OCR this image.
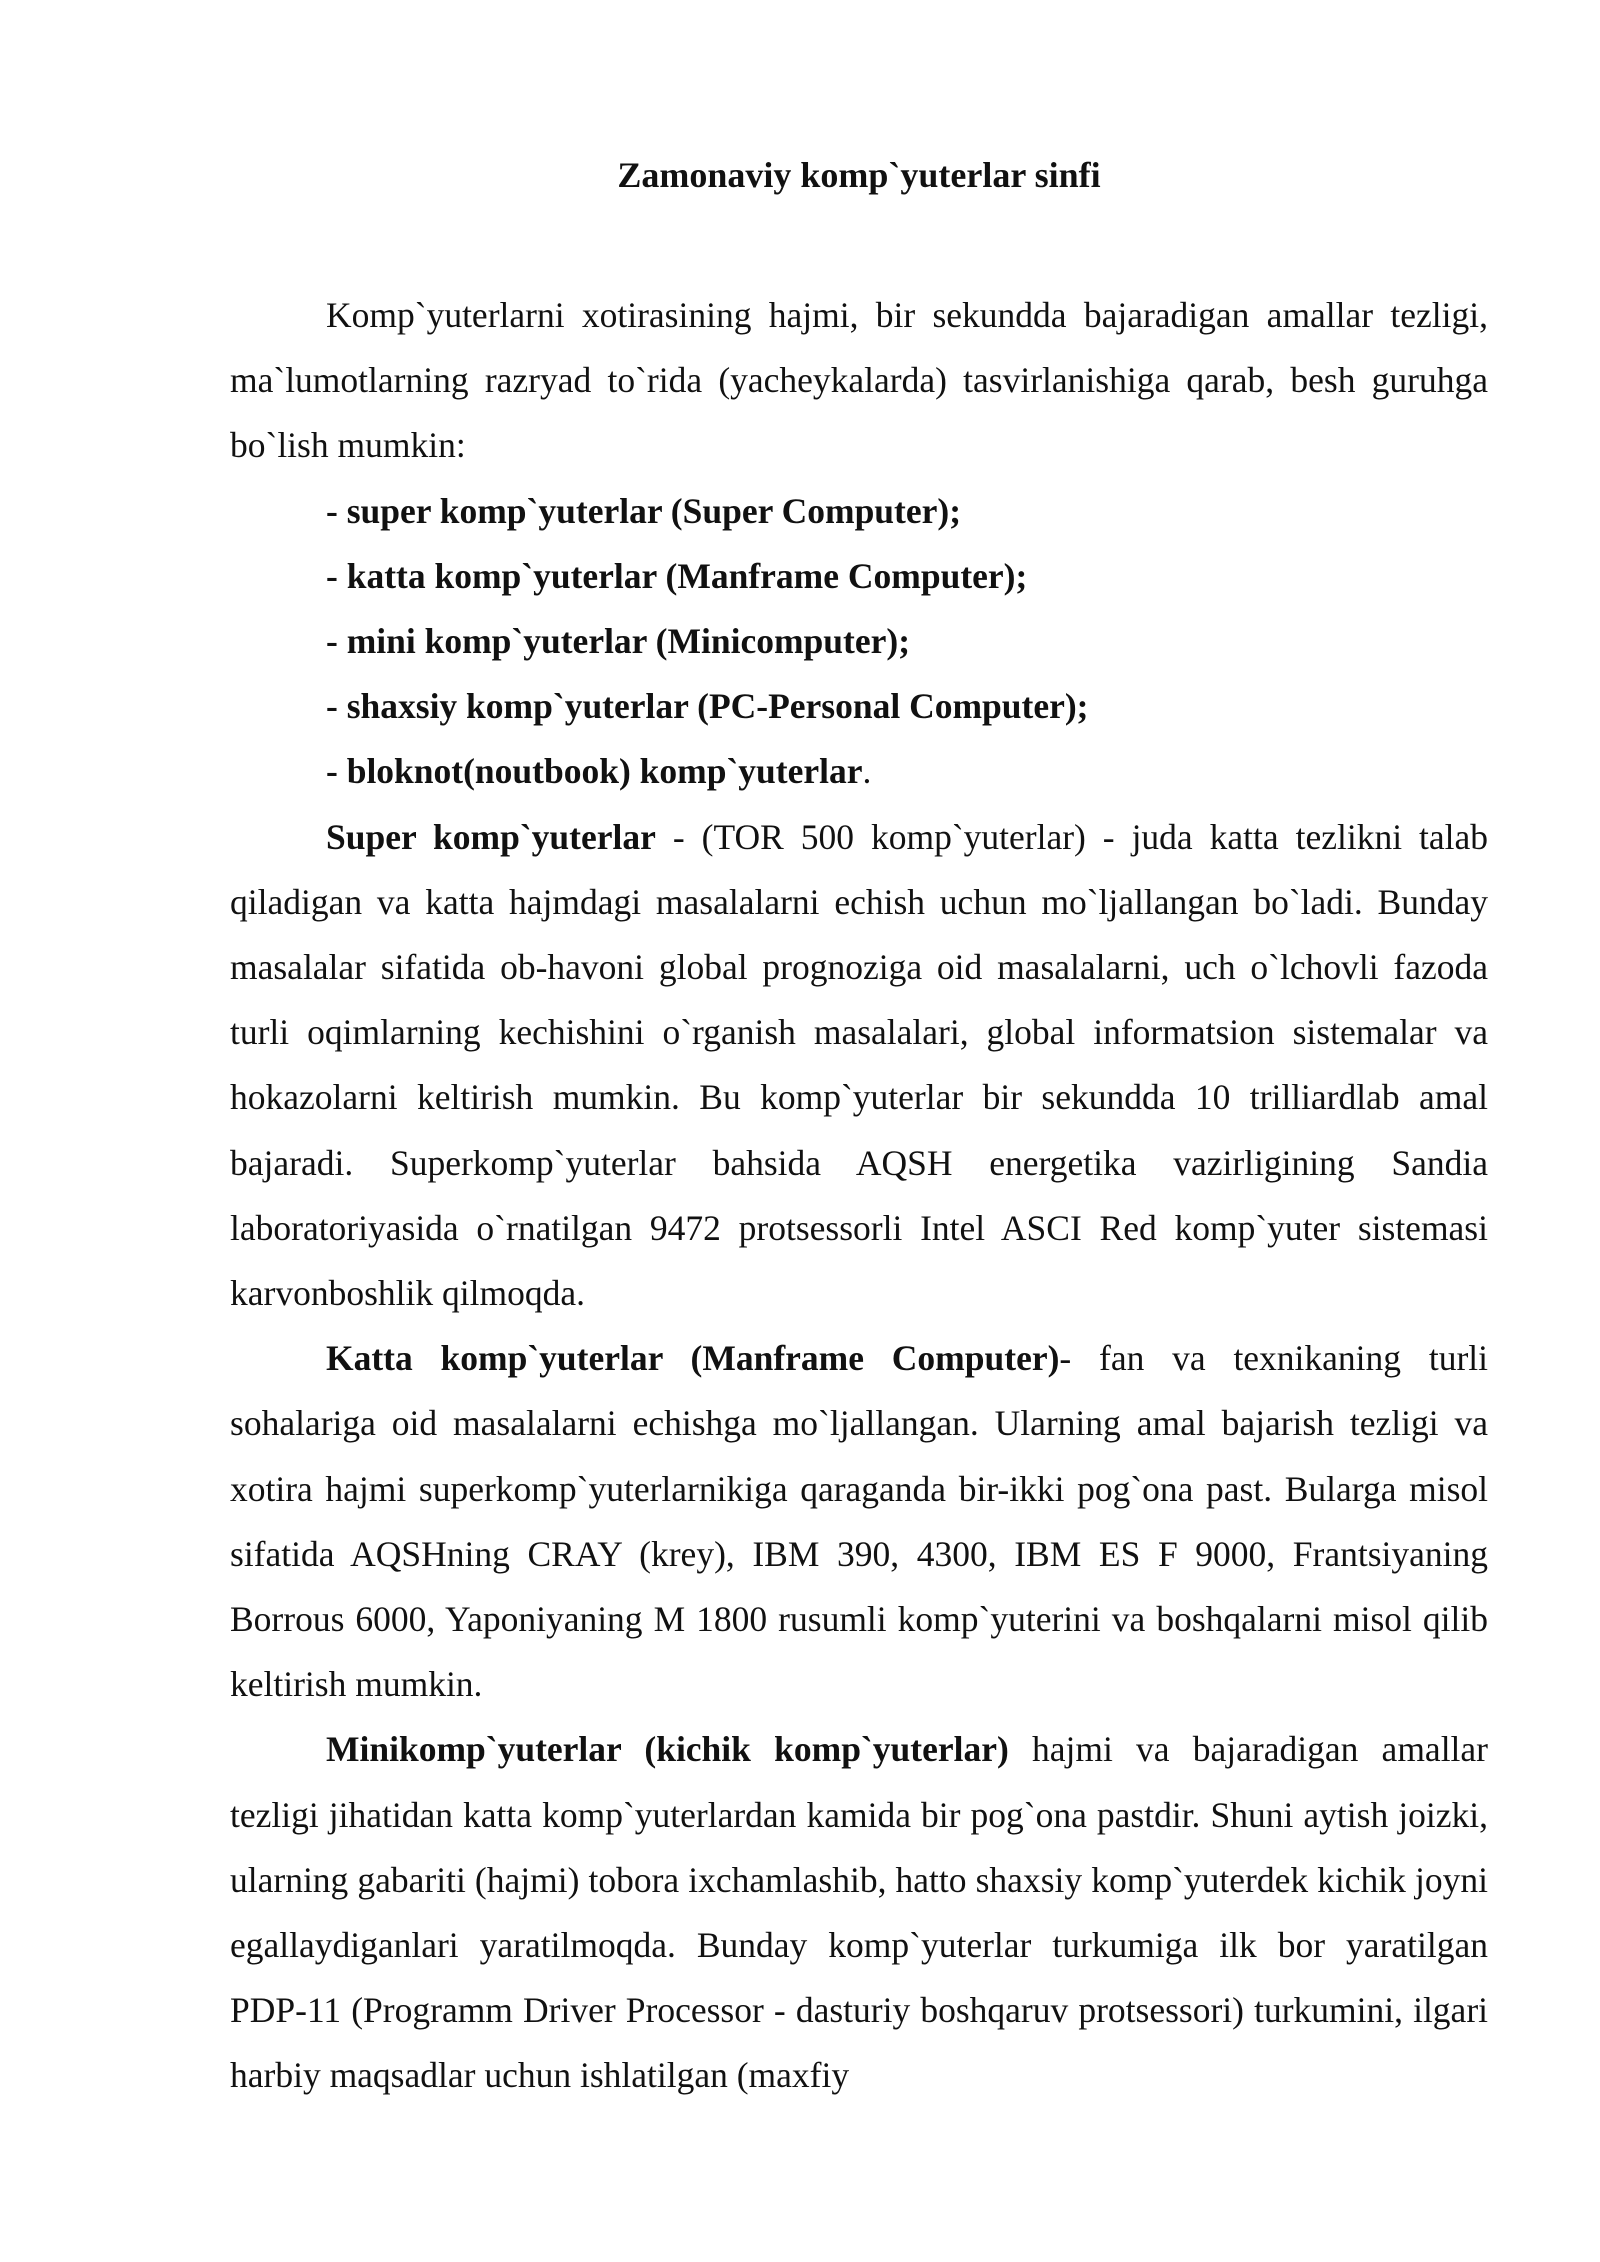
Zamonaviy komp`yuterlar sinfi

Komp`yuterlarni xotirasining hajmi, bir sekundda bajaradigan amallar tezligi, ma`lumotlarning razryad to`rida (yacheykalarda) tasvirlanishiga qarab, besh guruhga bo`lish mumkin:

- super komp`yuterlar (Super Computer);

- katta komp`yuterlar (Manframe Computer);

- mini komp`yuterlar (Minicomputer);

- shaxsiy komp`yuterlar (PC-Personal Computer);

- bloknot(noutbook) komp`yuterlar.

Super komp`yuterlar - (TOR 500 komp`yuterlar) - juda katta tezlikni talab qiladigan va katta hajmdagi masalalarni echish uchun mo`ljallangan bo`ladi. Bunday masalalar sifatida ob-havoni global prognoziga oid masalalarni, uch o`lchovli fazoda turli oqimlarning kechishini o`rganish masalalari, global informatsion sistemalar va hokazolarni keltirish mumkin. Bu komp`yuterlar bir sekundda 10 trilliardlab amal bajaradi. Superkomp`yuterlar bahsida AQSH energetika vazirligining Sandia laboratoriyasida o`rnatilgan 9472 protsessorli Intel ASCI Red komp`yuter sistemasi karvonboshlik qilmoqda.

Katta komp`yuterlar (Manframe Computer)- fan va texnikaning turli sohalariga oid masalalarni echishga mo`ljallangan. Ularning amal bajarish tezligi va xotira hajmi superkomp`yuterlarnikiga qaraganda bir-ikki pog`ona past. Bularga misol sifatida AQSHning CRAY (krey), IBM 390, 4300, IBM ES F 9000, Frantsiyaning Borrous 6000, Yaponiyaning M 1800 rusumli komp`yuterini va boshqalarni misol qilib keltirish mumkin.

Minikomp`yuterlar (kichik komp`yuterlar) hajmi va bajaradigan amallar tezligi jihatidan katta komp`yuterlardan kamida bir pog`ona pastdir. Shuni aytish joizki, ularning gabariti (hajmi) tobora ixchamlashib, hatto shaxsiy komp`yuterdek kichik joyni egallaydiganlari yaratilmoqda. Bunday komp`yuterlar turkumiga ilk bor yaratilgan PDP-11 (Programm Driver Processor - dasturiy boshqaruv protsessori) turkumini, ilgari harbiy maqsadlar uchun ishlatilgan (maxfiy
